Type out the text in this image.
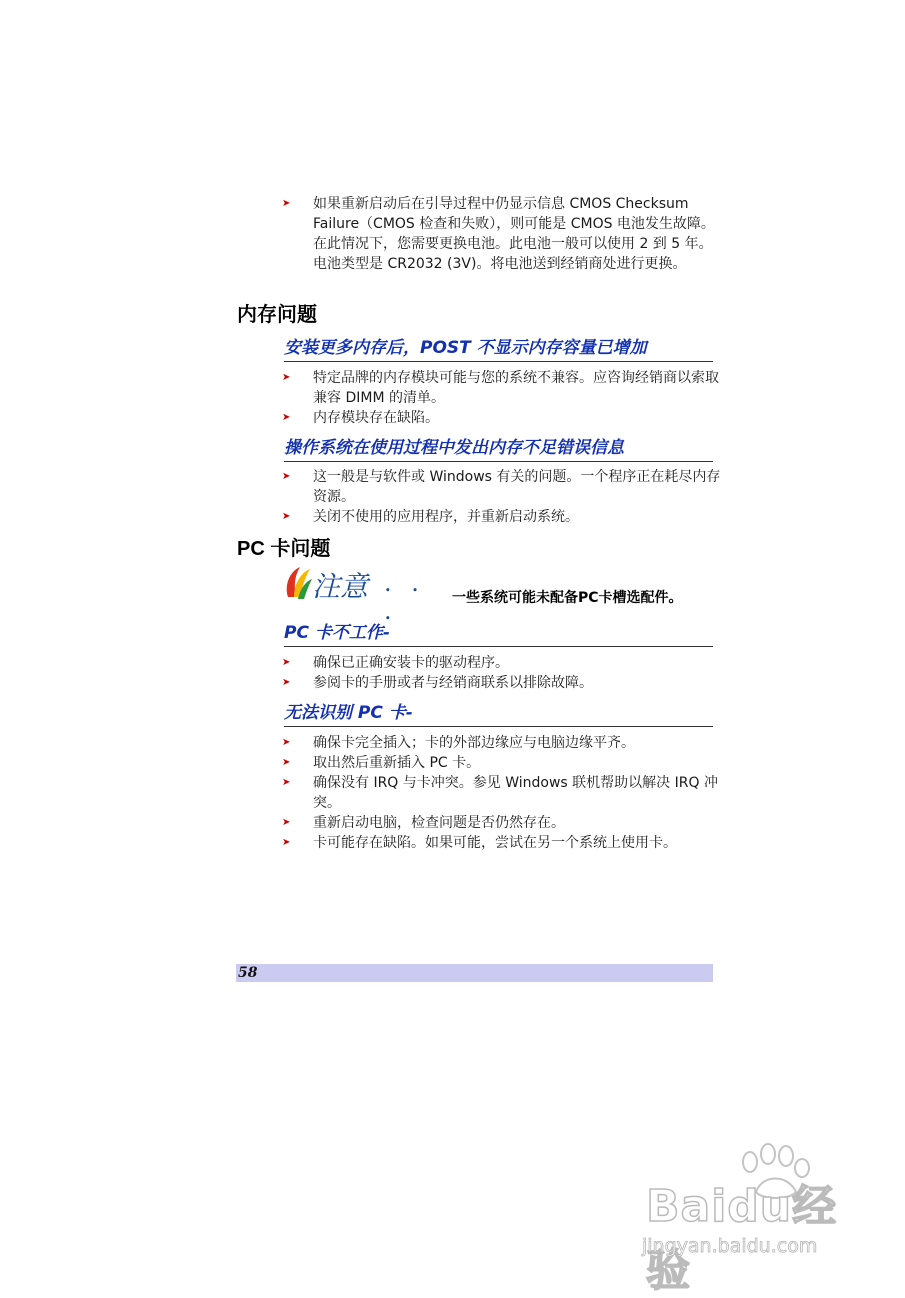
➤	如果重新启动后在引导过程中仍显示信息 CMOS Checksum Failure（CMOS 检查和失败），则可能是 CMOS 电池发生故障。在此情况下，您需要更换电池。此电池一般可以使用 2 到 5 年。电池类型是 CR2032 (3V)。将电池送到经销商处进行更换。
内存问题
安装更多内存后，POST 不显示内存容量已增加
➤	特定品牌的内存模块可能与您的系统不兼容。应咨询经销商以索取兼容 DIMM 的清单。
➤	内存模块存在缺陷。
操作系统在使用过程中发出内存不足错误信息
➤	这一般是与软件或 Windows 有关的问题。一个程序正在耗尽内存资源。
➤	关闭不使用的应用程序，并重新启动系统。
PC 卡问题
注意 . . .	一些系统可能未配备PC卡槽选配件。
PC 卡不工作-
➤	确保已正确安装卡的驱动程序。
➤	参阅卡的手册或者与经销商联系以排除故障。
无法识别 PC 卡-
➤	确保卡完全插入；卡的外部边缘应与电脑边缘平齐。
➤	取出然后重新插入 PC 卡。
➤	确保没有 IRQ 与卡冲突。参见 Windows 联机帮助以解决 IRQ 冲突。
➤	重新启动电脑，检查问题是否仍然存在。
➤	卡可能存在缺陷。如果可能，尝试在另一个系统上使用卡。
58
Baidu经验
jingyan.baidu.com
